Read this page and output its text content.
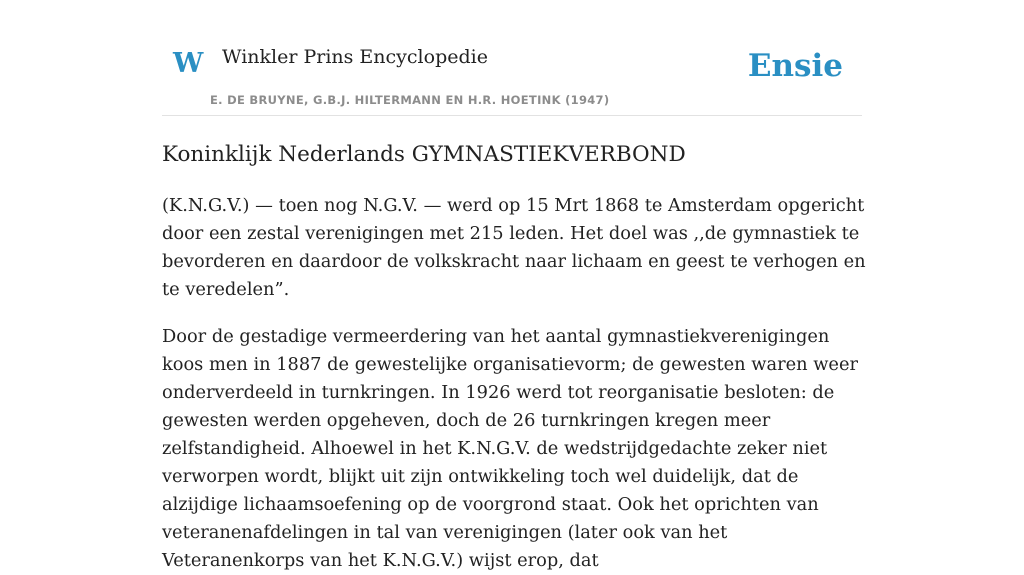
W Winkler Prins Encyclopedie
E. DE BRUYNE, G.B.J. HILTERMANN EN H.R. HOETINK (1947)
Ensie
Koninklijk Nederlands GYMNASTIEKVERBOND

(K.N.G.V.) — toen nog N.G.V. — werd op 15 Mrt 1868 te Amsterdam opgericht door een zestal verenigingen met 215 leden. Het doel was ,,de gymnastiek te bevorderen en daardoor de volkskracht naar lichaam en geest te verhogen en te veredelen”.

Door de gestadige vermeerdering van het aantal gymnastiekverenigingen koos men in 1887 de gewestelijke organisatievorm; de gewesten waren weer onderverdeeld in turnkringen. In 1926 werd tot reorganisatie besloten: de gewesten werden opgeheven, doch de 26 turnkringen kregen meer zelfstandigheid. Alhoewel in het K.N.G.V. de wedstrijdgedachte zeker niet verworpen wordt, blijkt uit zijn ontwikkeling toch wel duidelijk, dat de alzijdige lichaamsoefening op de voorgrond staat. Ook het oprichten van veteranenafdelingen in tal van verenigingen (later ook van het Veteranenkorps van het K.N.G.V.) wijst erop, dat
